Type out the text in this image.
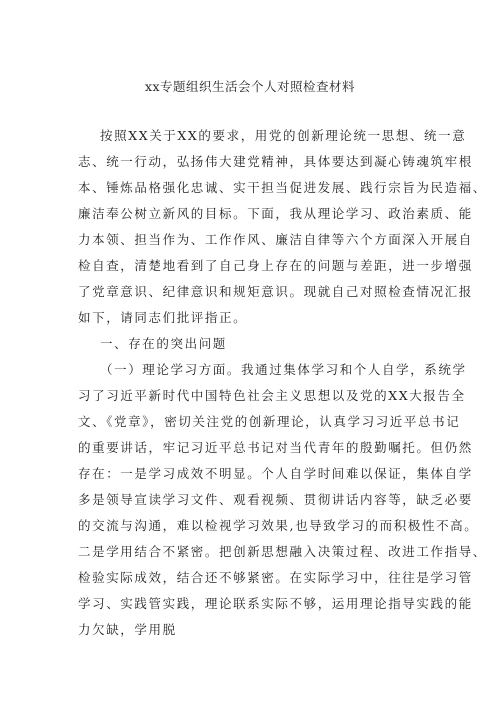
xx专题组织生活会个人对照检查材料
按照XX关于XX的要求，用党的创新理论统一思想、统一意
志、统一行动，弘扬伟大建党精神，具体要达到凝心铸魂筑牢根
本、锤炼品格强化忠诚、实干担当促进发展、践行宗旨为民造福、
廉洁奉公树立新风的目标。下面，我从理论学习、政治素质、能
力本领、担当作为、工作作风、廉洁自律等六个方面深入开展自
检自查，清楚地看到了自己身上存在的问题与差距，进一步增强
了党章意识、纪律意识和规矩意识。现就自己对照检查情况汇报
如下，请同志们批评指正。
一、存在的突出问题
（一）理论学习方面。我通过集体学习和个人自学，系统学
习了习近平新时代中国特色社会主义思想以及党的XX大报告全
文、《党章》，密切关注党的创新理论，认真学习习近平总书记
的重要讲话，牢记习近平总书记对当代青年的殷勤嘱托。但仍然
存在：一是学习成效不明显。个人自学时间难以保证，集体自学
多是领导宣读学习文件、观看视频、贯彻讲话内容等，缺乏必要
的交流与沟通，难以检视学习效果,也导致学习的而积极性不高。
二是学用结合不紧密。把创新思想融入决策过程、改进工作指导、
检验实际成效，结合还不够紧密。在实际学习中，往往是学习管
学习、实践管实践，理论联系实际不够，运用理论指导实践的能
力欠缺，学用脱
